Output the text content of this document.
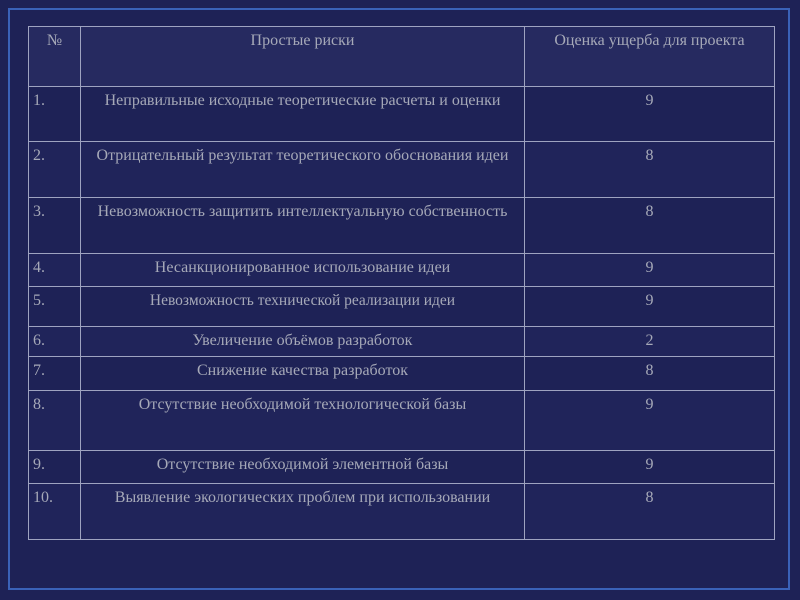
№	Простые риски	Оценка ущерба для проекта
1.	Неправильные исходные теоретические расчеты и оценки	9
2.	Отрицательный результат теоретического обоснования идеи	8
3.	Невозможность защитить интеллектуальную собственность	8
4.	Несанкционированное использование идеи	9
5.	Невозможность технической реализации идеи	9
6.	Увеличение объёмов разработок	2
7.	Снижение качества разработок	8
8.	Отсутствие необходимой технологической базы	9
9.	Отсутствие необходимой элементной базы	9
10.	Выявление экологических проблем при использовании	8
